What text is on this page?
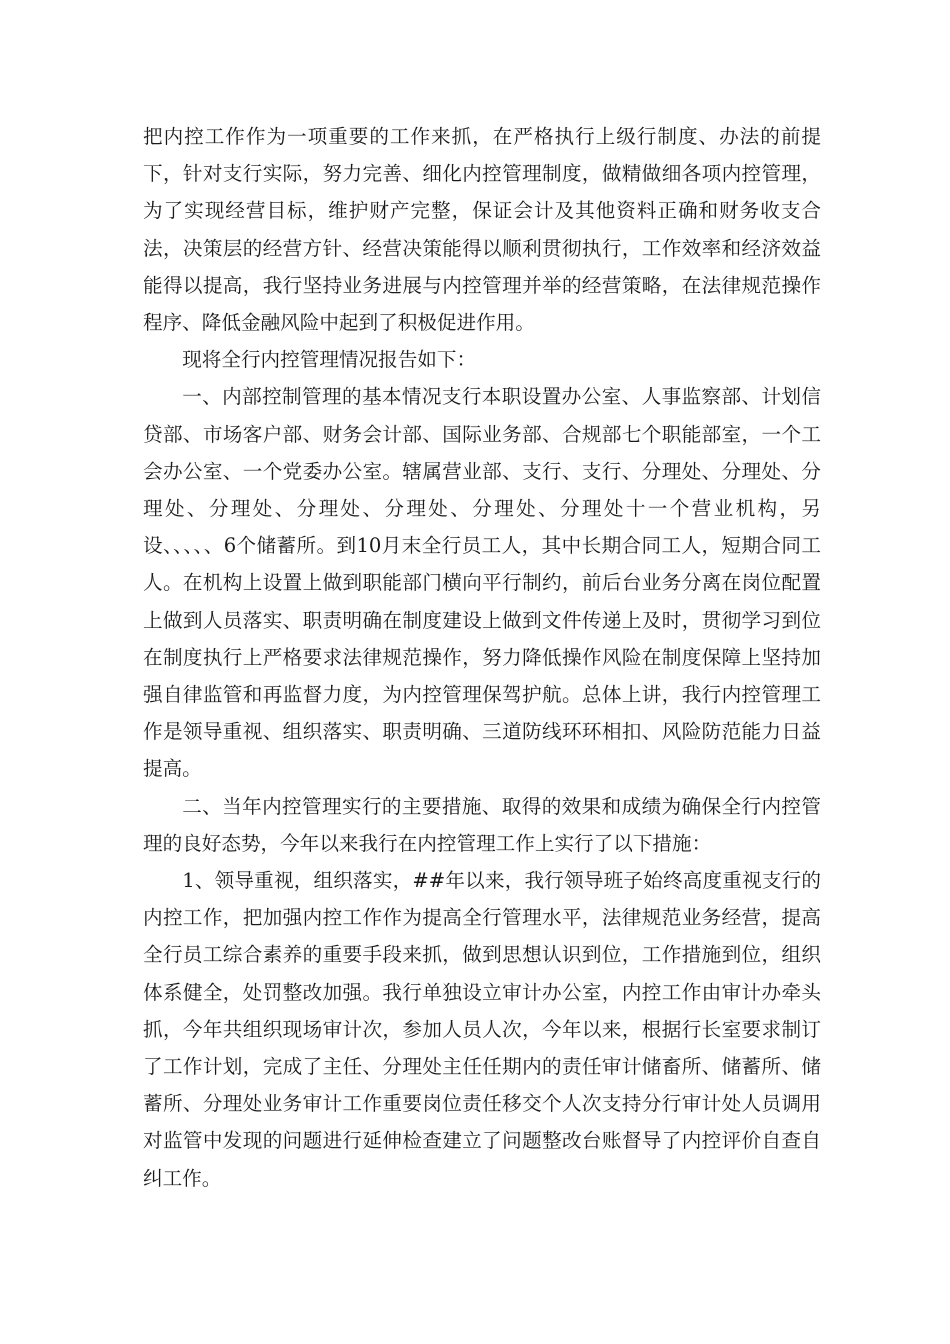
把内控工作作为一项重要的工作来抓，在严格执行上级行制度、办法的前提下，针对支行实际，努力完善、细化内控管理制度，做精做细各项内控管理，为了实现经营目标，维护财产完整，保证会计及其他资料正确和财务收支合法，决策层的经营方针、经营决策能得以顺利贯彻执行，工作效率和经济效益能得以提高，我行坚持业务进展与内控管理并举的经营策略，在法律规范操作程序、降低金融风险中起到了积极促进作用。

现将全行内控管理情况报告如下：

一、内部控制管理的基本情况支行本职设置办公室、人事监察部、计划信贷部、市场客户部、财务会计部、国际业务部、合规部七个职能部室，一个工会办公室、一个党委办公室。辖属营业部、支行、支行、分理处、分理处、分理处、分理处、分理处、分理处、分理处、分理处十一个营业机构，另设、、、、、6个储蓄所。到10月末全行员工人，其中长期合同工人，短期合同工人。在机构上设置上做到职能部门横向平行制约，前后台业务分离在岗位配置上做到人员落实、职责明确在制度建设上做到文件传递上及时，贯彻学习到位在制度执行上严格要求法律规范操作，努力降低操作风险在制度保障上坚持加强自律监管和再监督力度，为内控管理保驾护航。总体上讲，我行内控管理工作是领导重视、组织落实、职责明确、三道防线环环相扣、风险防范能力日益提高。

二、当年内控管理实行的主要措施、取得的效果和成绩为确保全行内控管理的良好态势，今年以来我行在内控管理工作上实行了以下措施：

1、领导重视，组织落实，##年以来，我行领导班子始终高度重视支行的内控工作，把加强内控工作作为提高全行管理水平，法律规范业务经营，提高全行员工综合素养的重要手段来抓，做到思想认识到位，工作措施到位，组织体系健全，处罚整改加强。我行单独设立审计办公室，内控工作由审计办牵头抓，今年共组织现场审计次，参加人员人次，今年以来，根据行长室要求制订了工作计划，完成了主任、分理处主任任期内的责任审计储畜所、储蓄所、储蓄所、分理处业务审计工作重要岗位责任移交个人次支持分行审计处人员调用对监管中发现的问题进行延伸检查建立了问题整改台账督导了内控评价自查自纠工作。
